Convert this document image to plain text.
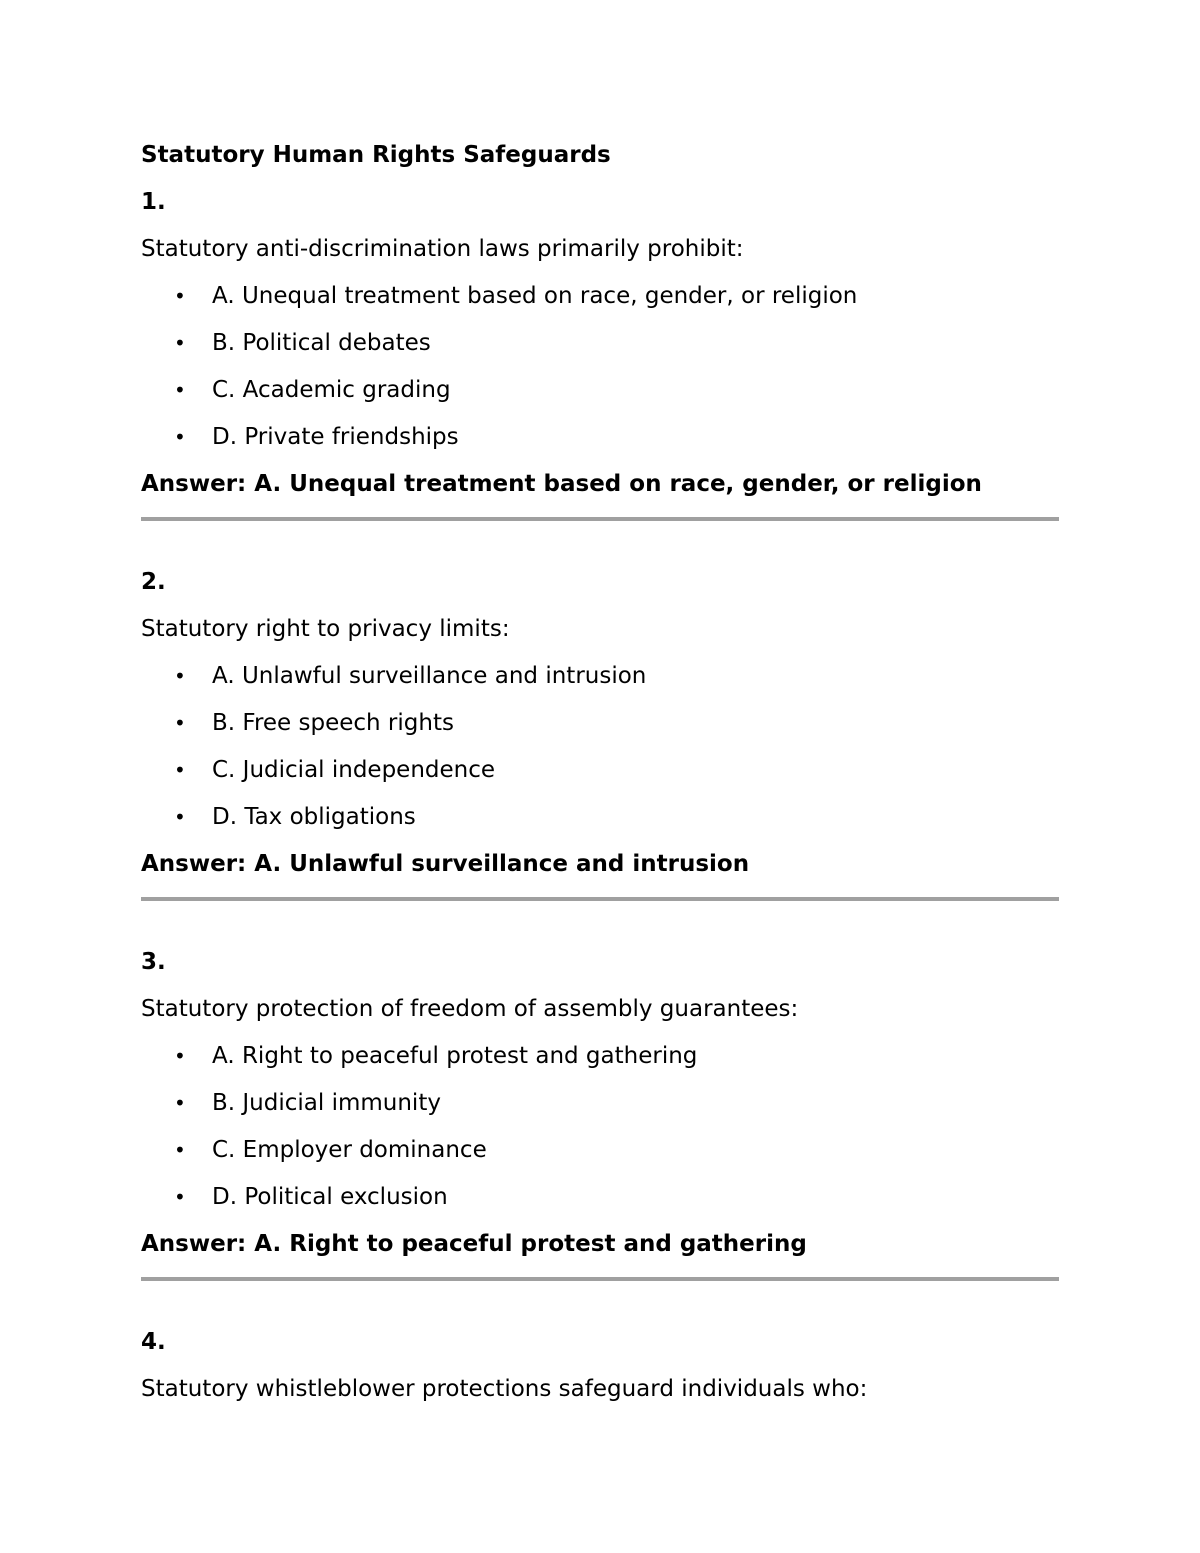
Statutory Human Rights Safeguards
1.
Statutory anti-discrimination laws primarily prohibit:
• A. Unequal treatment based on race, gender, or religion
• B. Political debates
• C. Academic grading
• D. Private friendships
Answer: A. Unequal treatment based on race, gender, or religion
2.
Statutory right to privacy limits:
• A. Unlawful surveillance and intrusion
• B. Free speech rights
• C. Judicial independence
• D. Tax obligations
Answer: A. Unlawful surveillance and intrusion
3.
Statutory protection of freedom of assembly guarantees:
• A. Right to peaceful protest and gathering
• B. Judicial immunity
• C. Employer dominance
• D. Political exclusion
Answer: A. Right to peaceful protest and gathering
4.
Statutory whistleblower protections safeguard individuals who:
